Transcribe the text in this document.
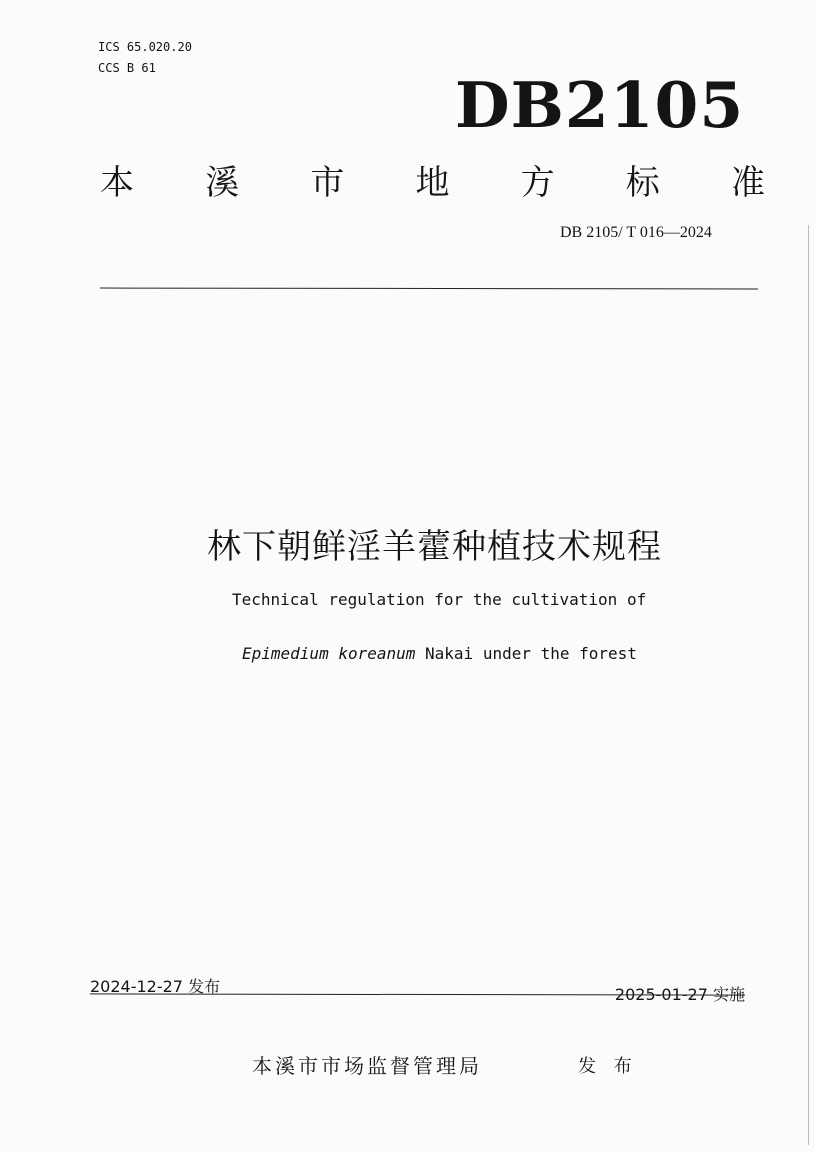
ICS 65.020.20
CCS B 61	DB2105
本 溪 市 地 方 标 准
DB 2105/ T 016—2024
林下朝鲜淫羊藿种植技术规程
Technical regulation for the cultivation of
Epimedium koreanum Nakai under the forest
2024-12-27 发布	2025-01-27 实施
本溪市市场监督管理局	发 布
